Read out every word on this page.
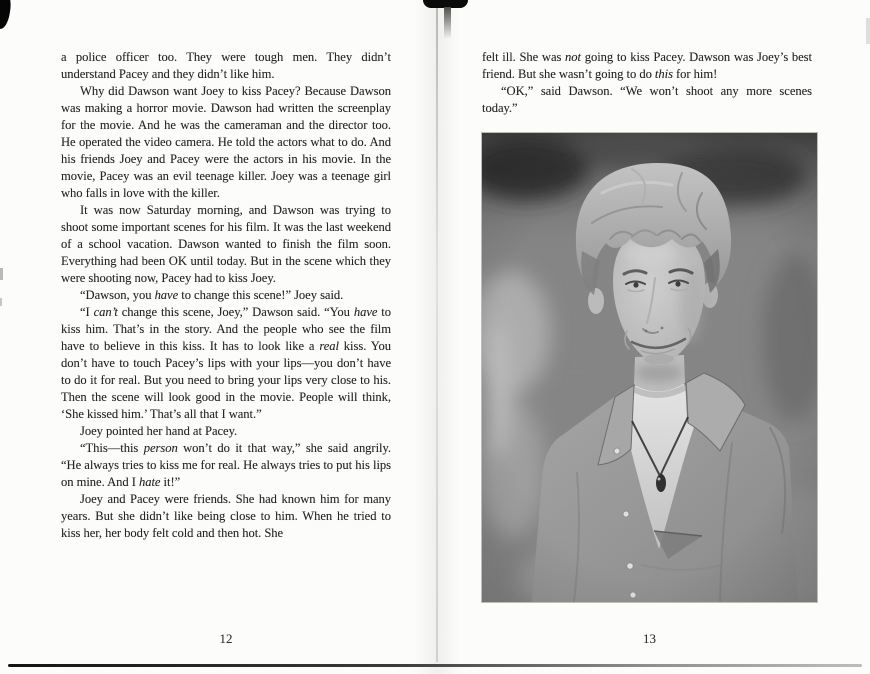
a police officer too. They were tough men. They didn’t understand Pacey and they didn’t like him.

Why did Dawson want Joey to kiss Pacey? Because Dawson was making a horror movie. Dawson had written the screenplay for the movie. And he was the cameraman and the director too. He operated the video camera. He told the actors what to do. And his friends Joey and Pacey were the actors in his movie. In the movie, Pacey was an evil teenage killer. Joey was a teenage girl who falls in love with the killer.

It was now Saturday morning, and Dawson was trying to shoot some important scenes for his film. It was the last weekend of a school vacation. Dawson wanted to finish the film soon. Everything had been OK until today. But in the scene which they were shooting now, Pacey had to kiss Joey.

“Dawson, you have to change this scene!” Joey said.

“I can’t change this scene, Joey,” Dawson said. “You have to kiss him. That’s in the story. And the people who see the film have to believe in this kiss. It has to look like a real kiss. You don’t have to touch Pacey’s lips with your lips—you don’t have to do it for real. But you need to bring your lips very close to his. Then the scene will look good in the movie. People will think, ‘She kissed him.’ That’s all that I want.”

Joey pointed her hand at Pacey.

“This—this person won’t do it that way,” she said angrily. “He always tries to kiss me for real. He always tries to put his lips on mine. And I hate it!”

Joey and Pacey were friends. She had known him for many years. But she didn’t like being close to him. When he tried to kiss her, her body felt cold and then hot. She

12

felt ill. She was not going to kiss Pacey. Dawson was Joey’s best friend. But she wasn’t going to do this for him!

“OK,” said Dawson. “We won’t shoot any more scenes today.”

13
